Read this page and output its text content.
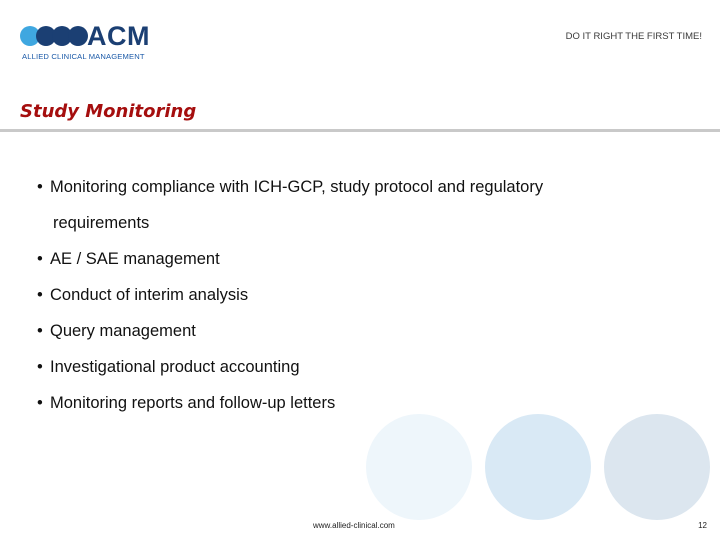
ACM
ALLIED CLINICAL MANAGEMENT
DO IT RIGHT THE FIRST TIME!
Study Monitoring
• Monitoring compliance with ICH-GCP, study protocol and regulatory
requirements
• AE / SAE management
• Conduct of interim analysis
• Query management
• Investigational product accounting
• Monitoring reports and follow-up letters
www.allied-clinical.com	12
